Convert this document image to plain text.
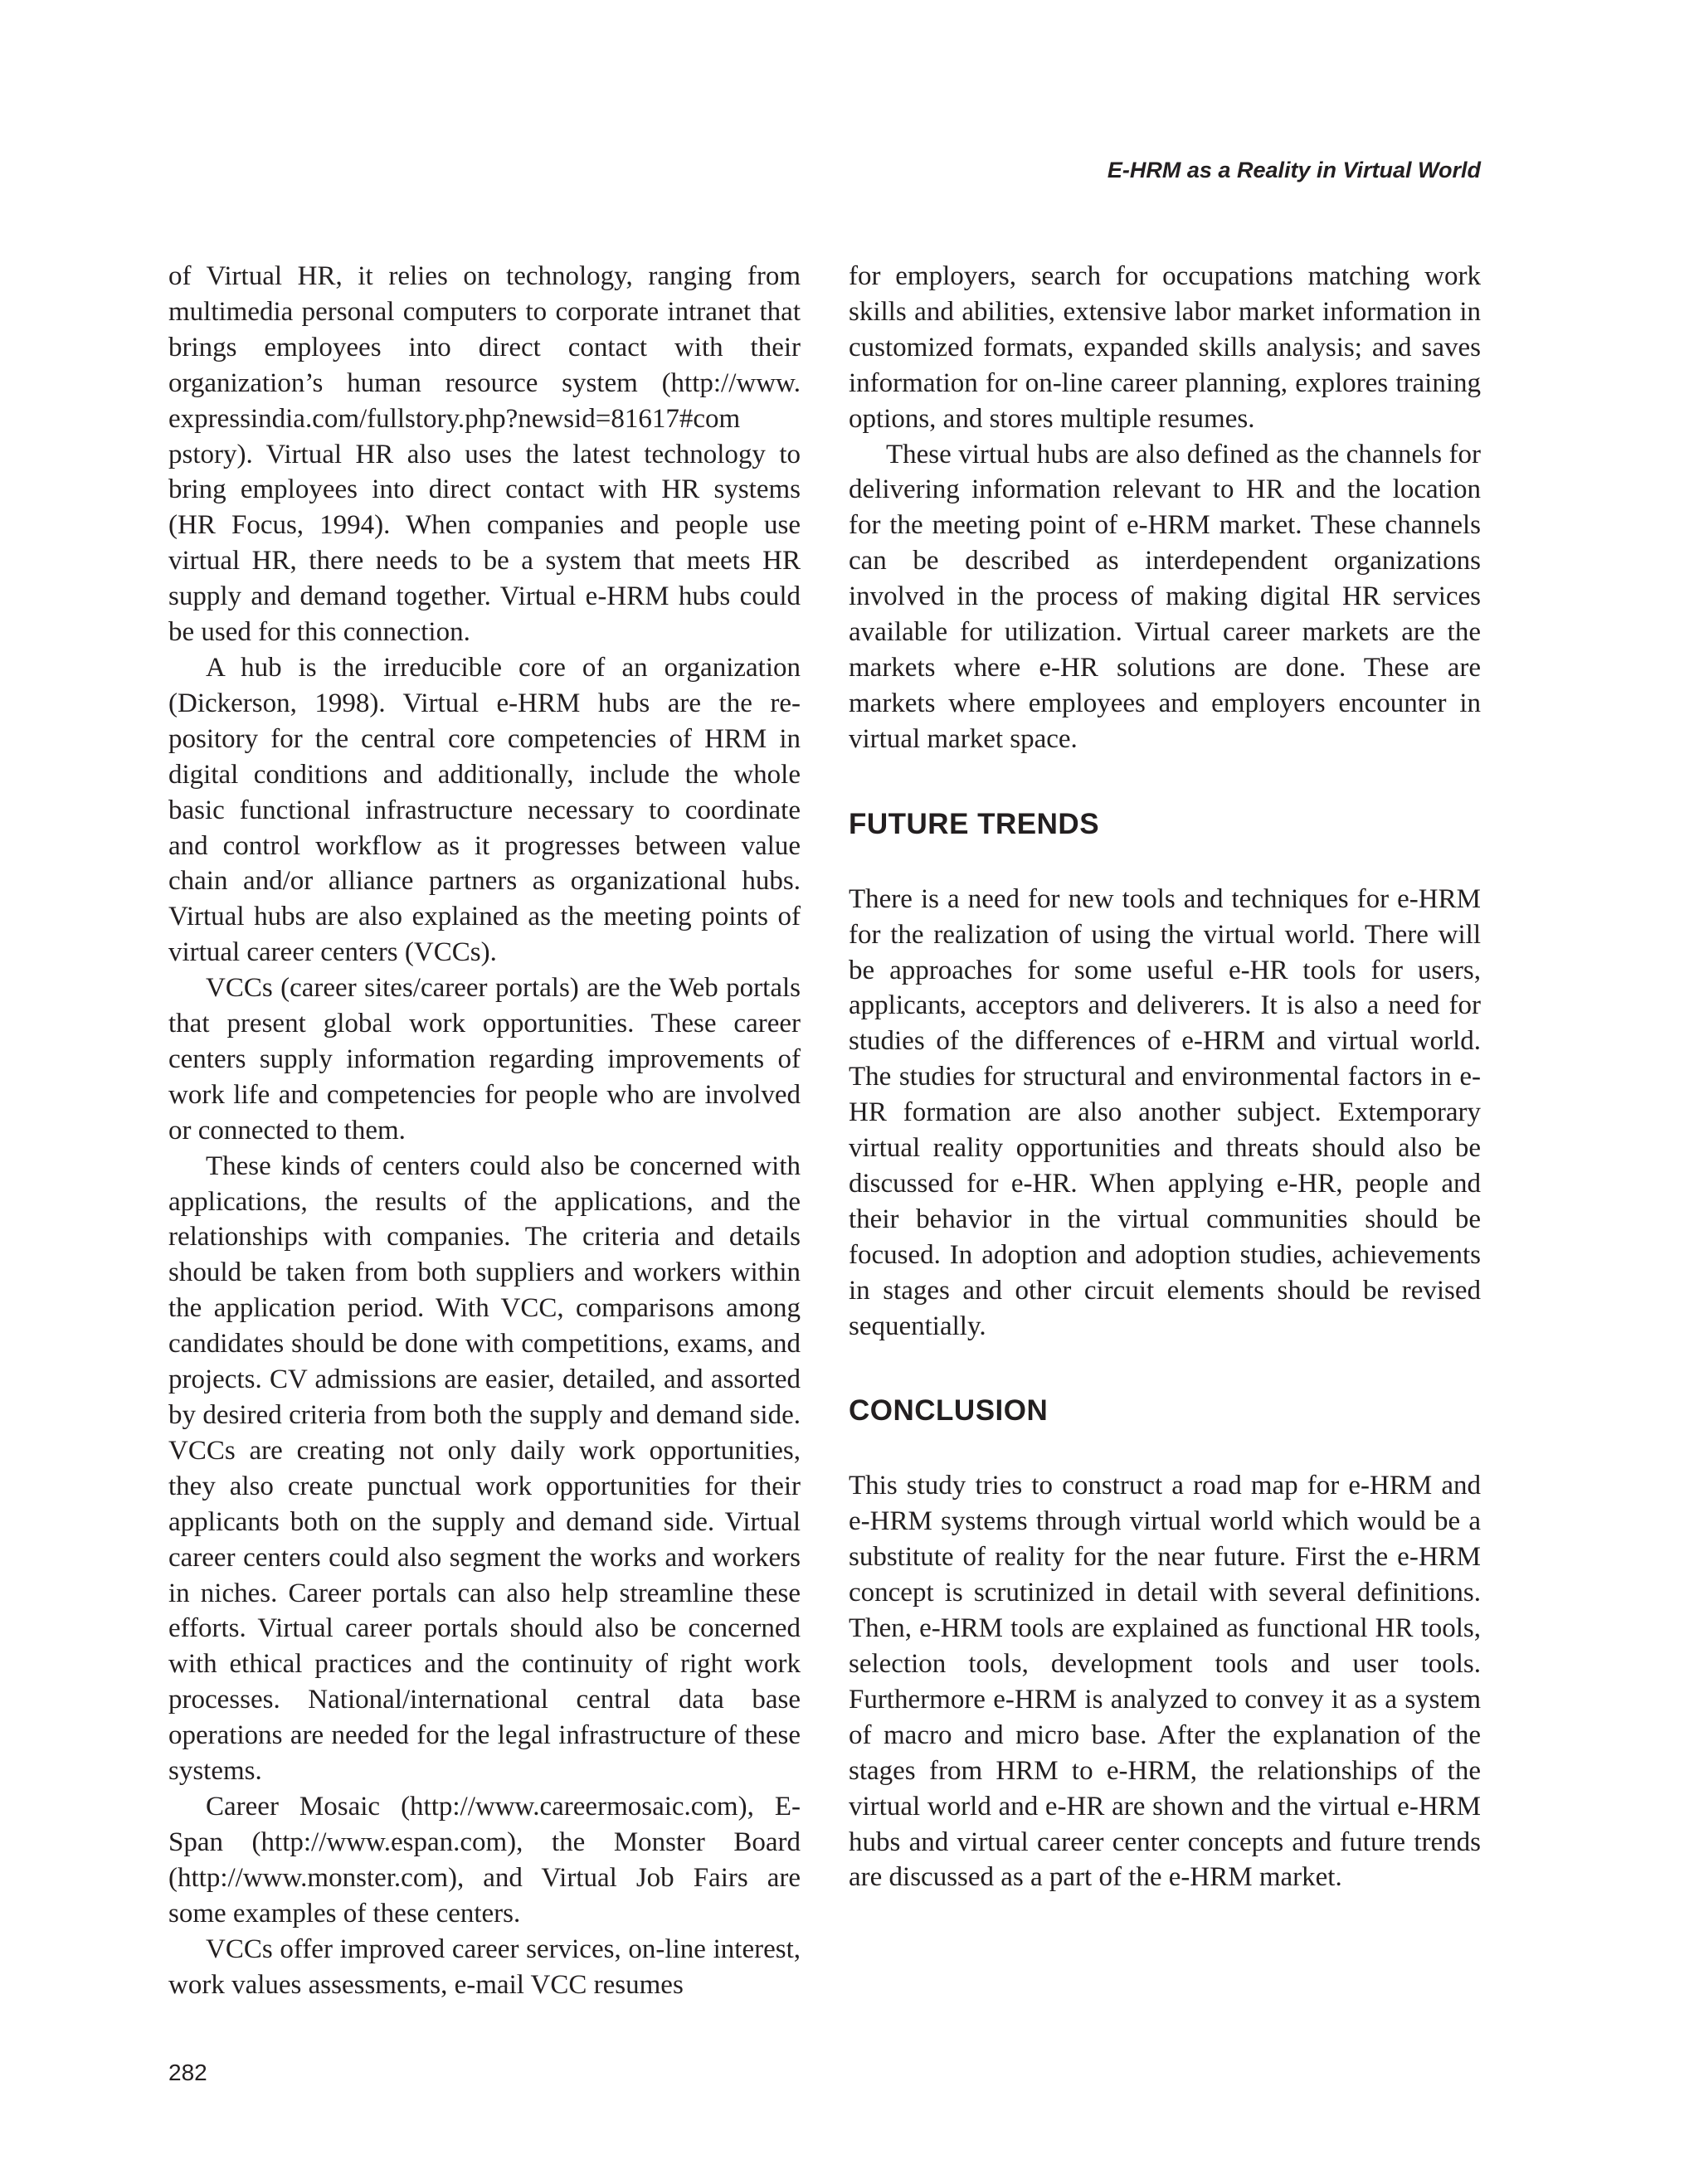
E-HRM as a Reality in Virtual World

of Virtual HR, it relies on technology, ranging from multimedia personal computers to corporate intranet that brings employees into direct contact with their organization’s human resource system (http://www.​expressindia.com/fullstory.php?newsid=81617#com​pstory). Virtual HR also uses the latest technology to bring employees into direct contact with HR systems (HR Focus, 1994). When companies and people use virtual HR, there needs to be a system that meets HR supply and demand together. Virtual e-HRM hubs could be used for this connection.

A hub is the irreducible core of an organization (Dickerson, 1998). Virtual e-HRM hubs are the repository for the central core competencies of HRM in digital conditions and additionally, include the whole basic functional infrastructure necessary to coordinate and control workflow as it progresses between value chain and/or alliance partners as organizational hubs. Virtual hubs are also explained as the meeting points of virtual career centers (VCCs).

VCCs (career sites/career portals) are the Web portals that present global work opportunities. These career centers supply information regarding improvements of work life and competencies for people who are involved or connected to them.

These kinds of centers could also be concerned with applications, the results of the applications, and the relationships with companies. The criteria and details should be taken from both suppliers and workers within the application period. With VCC, comparisons among candidates should be done with competitions, exams, and projects. CV admissions are easier, detailed, and assorted by desired criteria from both the supply and demand side. VCCs are creating not only daily work opportunities, they also create punctual work opportunities for their applicants both on the supply and demand side. Virtual career centers could also segment the works and workers in niches. Career portals can also help streamline these efforts. Virtual career portals should also be concerned with ethical practices and the continuity of right work processes. National/international central data base operations are needed for the legal infrastructure of these systems.

Career Mosaic (http://www.careermosaic.com), E-Span (http://www.espan.com), the Monster Board (http://www.monster.com), and Virtual Job Fairs are some examples of these centers.

VCCs offer improved career services, on-line interest, work values assessments, e-mail VCC resumes

for employers, search for occupations matching work skills and abilities, extensive labor market information in customized formats, expanded skills analysis; and saves information for on-line career planning, explores training options, and stores multiple resumes.

These virtual hubs are also defined as the channels for delivering information relevant to HR and the location for the meeting point of e-HRM market. These channels can be described as interdependent organizations involved in the process of making digital HR services available for utilization. Virtual career markets are the markets where e-HR solutions are done. These are markets where employees and employers encounter in virtual market space.

FUTURE TRENDS

There is a need for new tools and techniques for e-HRM for the realization of using the virtual world. There will be approaches for some useful e-HR tools for users, applicants, acceptors and deliverers. It is also a need for studies of the differences of e-HRM and virtual world. The studies for structural and environmental factors in e-HR formation are also another subject. Extemporary virtual reality opportunities and threats should also be discussed for e-HR. When applying e-HR, people and their behavior in the virtual communities should be focused. In adoption and adoption studies, achievements in stages and other circuit elements should be revised sequentially.

CONCLUSION

This study tries to construct a road map for e-HRM and e-HRM systems through virtual world which would be a substitute of reality for the near future. First the e-HRM concept is scrutinized in detail with several definitions. Then, e-HRM tools are explained as functional HR tools, selection tools, development tools and user tools. Furthermore e-HRM is analyzed to convey it as a system of macro and micro base. After the explanation of the stages from HRM to e-HRM, the relationships of the virtual world and e-HR are shown and the virtual e-HRM hubs and virtual career center concepts and future trends are discussed as a part of the e-HRM market.

282
